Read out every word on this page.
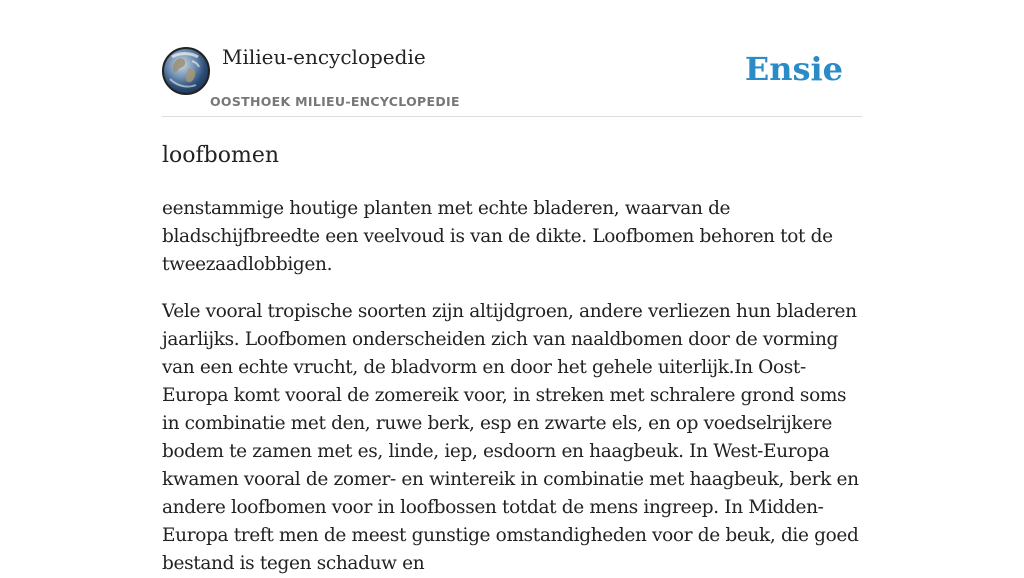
Milieu-encyclopedie
OOSTHOEK MILIEU-ENCYCLOPEDIE
Ensie
loofbomen

eenstammige houtige planten met echte bladeren, waarvan de bladschijfbreedte een veelvoud is van de dikte. Loofbomen behoren tot de tweezaadlobbigen.

Vele vooral tropische soorten zijn altijdgroen, andere verliezen hun bladeren jaarlijks. Loofbomen onderscheiden zich van naaldbomen door de vorming van een echte vrucht, de bladvorm en door het gehele uiterlijk.In Oost-Europa komt vooral de zomereik voor, in streken met schralere grond soms in combinatie met den, ruwe berk, esp en zwarte els, en op voedselrijkere bodem te zamen met es, linde, iep, esdoorn en haagbeuk. In West-Europa kwamen vooral de zomer- en wintereik in combinatie met haagbeuk, berk en andere loofbomen voor in loofbossen totdat de mens ingreep. In Midden-Europa treft men de meest gunstige omstandigheden voor de beuk, die goed bestand is tegen schaduw en
